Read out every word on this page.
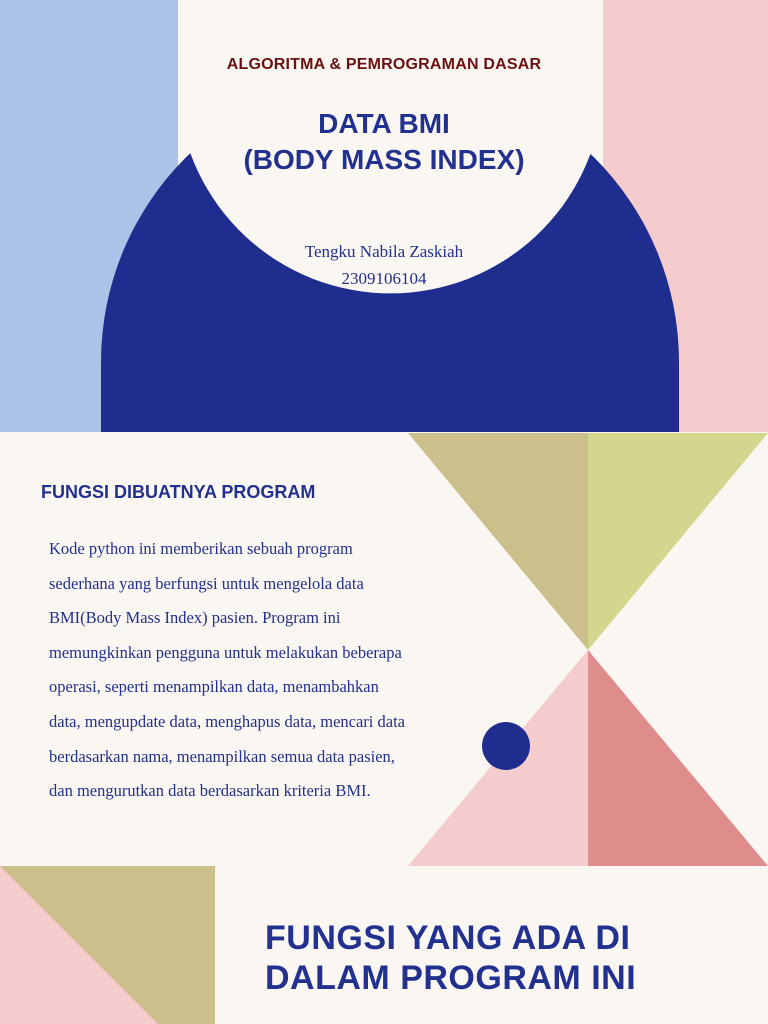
ALGORITMA & PEMROGRAMAN DASAR
DATA BMI
(BODY MASS INDEX)
Tengku Nabila Zaskiah
2309106104
FUNGSI DIBUATNYA PROGRAM
Kode python ini memberikan sebuah program
sederhana yang berfungsi untuk mengelola data
BMI(Body Mass Index) pasien. Program ini
memungkinkan pengguna untuk melakukan beberapa
operasi, seperti menampilkan data, menambahkan
data, mengupdate data, menghapus data, mencari data
berdasarkan nama, menampilkan semua data pasien,
dan mengurutkan data berdasarkan kriteria BMI.
FUNGSI YANG ADA DI
DALAM PROGRAM INI
